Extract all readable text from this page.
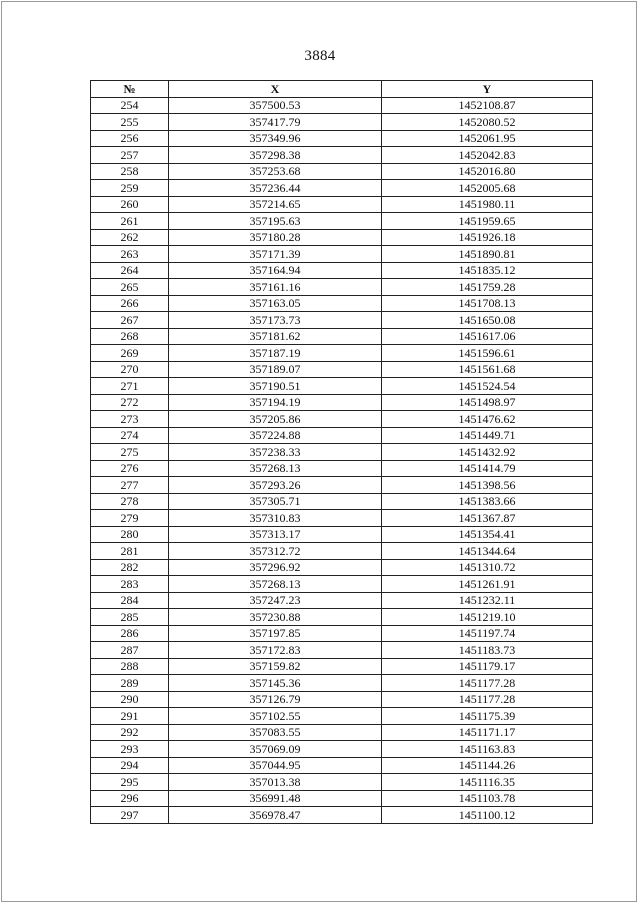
3884
№	X	Y
254	357500.53	1452108.87
255	357417.79	1452080.52
256	357349.96	1452061.95
257	357298.38	1452042.83
258	357253.68	1452016.80
259	357236.44	1452005.68
260	357214.65	1451980.11
261	357195.63	1451959.65
262	357180.28	1451926.18
263	357171.39	1451890.81
264	357164.94	1451835.12
265	357161.16	1451759.28
266	357163.05	1451708.13
267	357173.73	1451650.08
268	357181.62	1451617.06
269	357187.19	1451596.61
270	357189.07	1451561.68
271	357190.51	1451524.54
272	357194.19	1451498.97
273	357205.86	1451476.62
274	357224.88	1451449.71
275	357238.33	1451432.92
276	357268.13	1451414.79
277	357293.26	1451398.56
278	357305.71	1451383.66
279	357310.83	1451367.87
280	357313.17	1451354.41
281	357312.72	1451344.64
282	357296.92	1451310.72
283	357268.13	1451261.91
284	357247.23	1451232.11
285	357230.88	1451219.10
286	357197.85	1451197.74
287	357172.83	1451183.73
288	357159.82	1451179.17
289	357145.36	1451177.28
290	357126.79	1451177.28
291	357102.55	1451175.39
292	357083.55	1451171.17
293	357069.09	1451163.83
294	357044.95	1451144.26
295	357013.38	1451116.35
296	356991.48	1451103.78
297	356978.47	1451100.12
